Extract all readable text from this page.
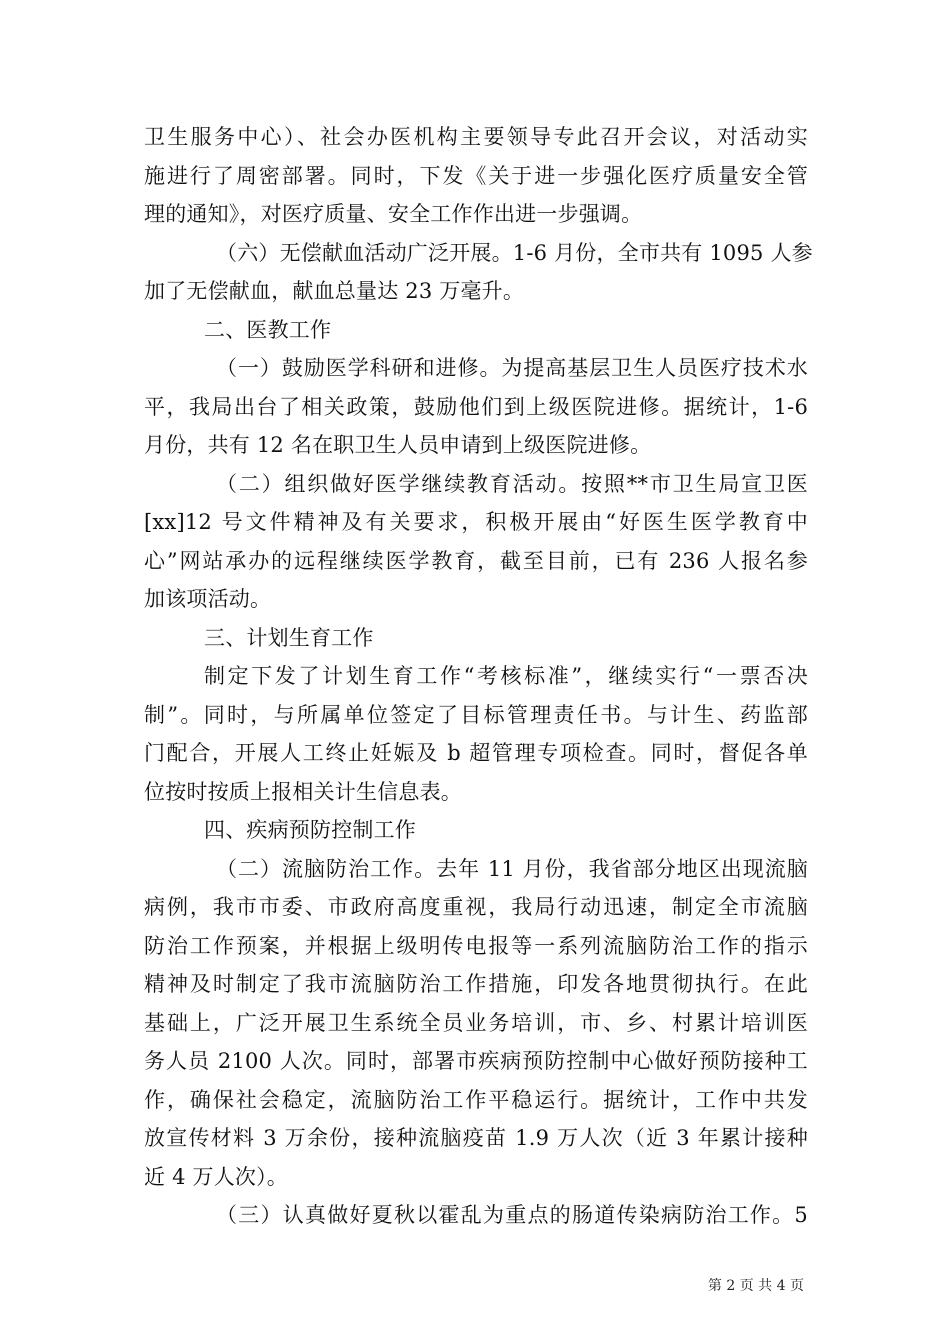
卫生服务中心）、社会办医机构主要领导专此召开会议，对活动实
施进行了周密部署。同时，下发《关于进一步强化医疗质量安全管
理的通知》，对医疗质量、安全工作作出进一步强调。
（六）无偿献血活动广泛开展。1-6 月份，全市共有 1095 人参
加了无偿献血，献血总量达 23 万毫升。
二、医教工作
（一）鼓励医学科研和进修。为提高基层卫生人员医疗技术水
平，我局出台了相关政策，鼓励他们到上级医院进修。据统计，1-6
月份，共有 12 名在职卫生人员申请到上级医院进修。
（二）组织做好医学继续教育活动。按照**市卫生局宣卫医
[xx]12 号文件精神及有关要求，积极开展由“好医生医学教育中
心”网站承办的远程继续医学教育，截至目前，已有 236 人报名参
加该项活动。
三、计划生育工作
制定下发了计划生育工作“考核标准”，继续实行“一票否决
制”。同时，与所属单位签定了目标管理责任书。与计生、药监部
门配合，开展人工终止妊娠及 b 超管理专项检查。同时，督促各单
位按时按质上报相关计生信息表。
四、疾病预防控制工作
（二）流脑防治工作。去年 11 月份，我省部分地区出现流脑
病例，我市市委、市政府高度重视，我局行动迅速，制定全市流脑
防治工作预案，并根据上级明传电报等一系列流脑防治工作的指示
精神及时制定了我市流脑防治工作措施，印发各地贯彻执行。在此
基础上，广泛开展卫生系统全员业务培训，市、乡、村累计培训医
务人员 2100 人次。同时，部署市疾病预防控制中心做好预防接种工
作，确保社会稳定，流脑防治工作平稳运行。据统计，工作中共发
放宣传材料 3 万余份，接种流脑疫苗 1.9 万人次（近 3 年累计接种
近 4 万人次）。
（三）认真做好夏秋以霍乱为重点的肠道传染病防治工作。5
第 2 页 共 4 页
